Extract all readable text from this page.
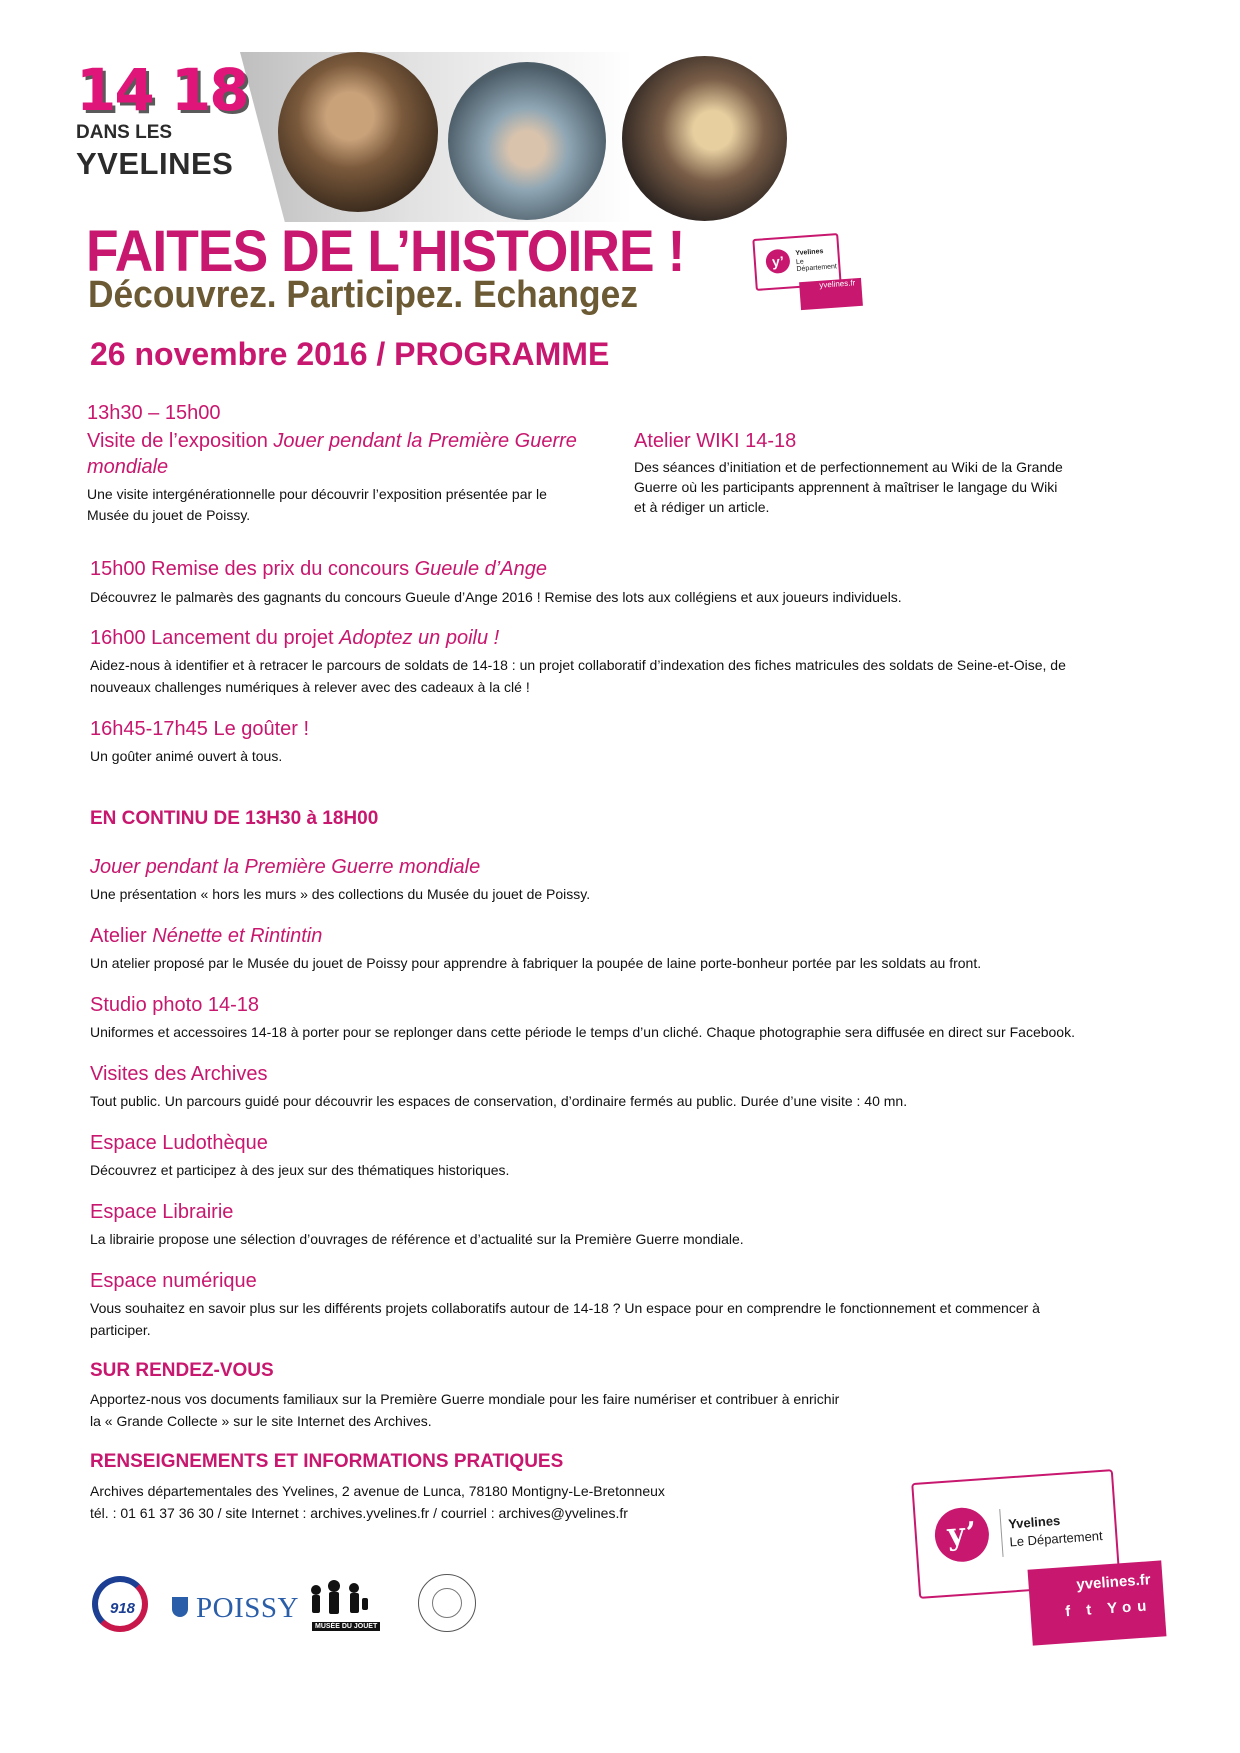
14 18
DANS LES
YVELINES
FAITES DE L’HISTOIRE !
Découvrez. Participez. Echangez
y’
Yvelines
Le Département
yvelines.fr
26 novembre 2016 / PROGRAMME
13h30 – 15h00
Visite de l’exposition Jouer pendant la Première Guerre
mondiale
Une visite intergénérationnelle pour découvrir l’exposition présentée par le
Musée du jouet de Poissy.
Atelier WIKI 14-18
Des séances d’initiation et de perfectionnement au Wiki de la Grande
Guerre où les participants apprennent à maîtriser le langage du Wiki
et à rédiger un article.
15h00 Remise des prix du concours Gueule d’Ange
Découvrez le palmarès des gagnants du concours Gueule d’Ange 2016 ! Remise des lots aux collégiens et aux joueurs individuels.
16h00 Lancement du projet Adoptez un poilu !
Aidez-nous à identifier et à retracer le parcours de soldats de 14-18 : un projet collaboratif d’indexation des fiches matricules des soldats de Seine-et-Oise, de
nouveaux challenges numériques à relever avec des cadeaux à la clé !
16h45-17h45 Le goûter !
Un goûter animé ouvert à tous.
EN CONTINU DE 13H30 à 18H00
Jouer pendant la Première Guerre mondiale
Une présentation « hors les murs » des collections du Musée du jouet de Poissy.
Atelier Nénette et Rintintin
Un atelier proposé par le Musée du jouet de Poissy pour apprendre à fabriquer la poupée de laine porte-bonheur portée par les soldats au front.
Studio photo 14-18
Uniformes et accessoires 14-18 à porter pour se replonger dans cette période le temps d’un cliché. Chaque photographie sera diffusée en direct sur Facebook.
Visites des Archives
Tout public. Un parcours guidé pour découvrir les espaces de conservation, d’ordinaire fermés au public. Durée d’une visite : 40 mn.
Espace Ludothèque
Découvrez et participez à des jeux sur des thématiques historiques.
Espace Librairie
La librairie propose une sélection d’ouvrages de référence et d’actualité sur la Première Guerre mondiale.
Espace numérique
Vous souhaitez en savoir plus sur les différents projets collaboratifs autour de 14-18 ? Un espace pour en comprendre le fonctionnement et commencer à
participer.
SUR RENDEZ-VOUS
Apportez-nous vos documents familiaux sur la Première Guerre mondiale pour les faire numériser et contribuer à enrichir
la « Grande Collecte » sur le site Internet des Archives.
RENSEIGNEMENTS ET INFORMATIONS PRATIQUES
Archives départementales des Yvelines, 2 avenue de Lunca, 78180 Montigny-Le-Bretonneux
tél. : 01 61 37 36 30 / site Internet : archives.yvelines.fr / courriel : archives@yvelines.fr
y’	Yvelines
Le Département
yvelines.fr
f t You
918 POISSY
MUSÉE DU JOUET
